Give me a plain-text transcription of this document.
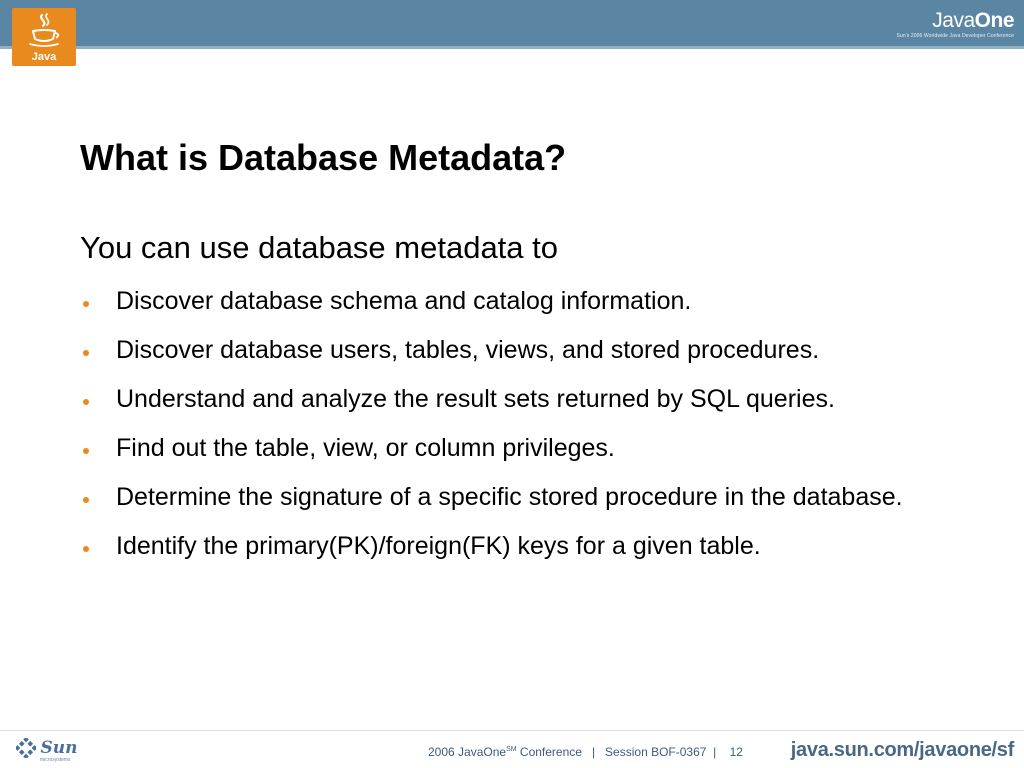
Java
JavaOne
Sun's 2006 Worldwide Java Developer Conference
What is Database Metadata?
You can use database metadata to
Discover database schema and catalog information.
Discover database users, tables, views, and stored procedures.
Understand and analyze the result sets returned by SQL queries.
Find out the table, view, or column privileges.
Determine the signature of a specific stored procedure in the database.
Identify the primary(PK)/foreign(FK) keys for a given table.
Sun
microsystems
2006 JavaOne℠ Conference   |   Session BOF-0367  |    12 java.sun.com/javaone/sf
